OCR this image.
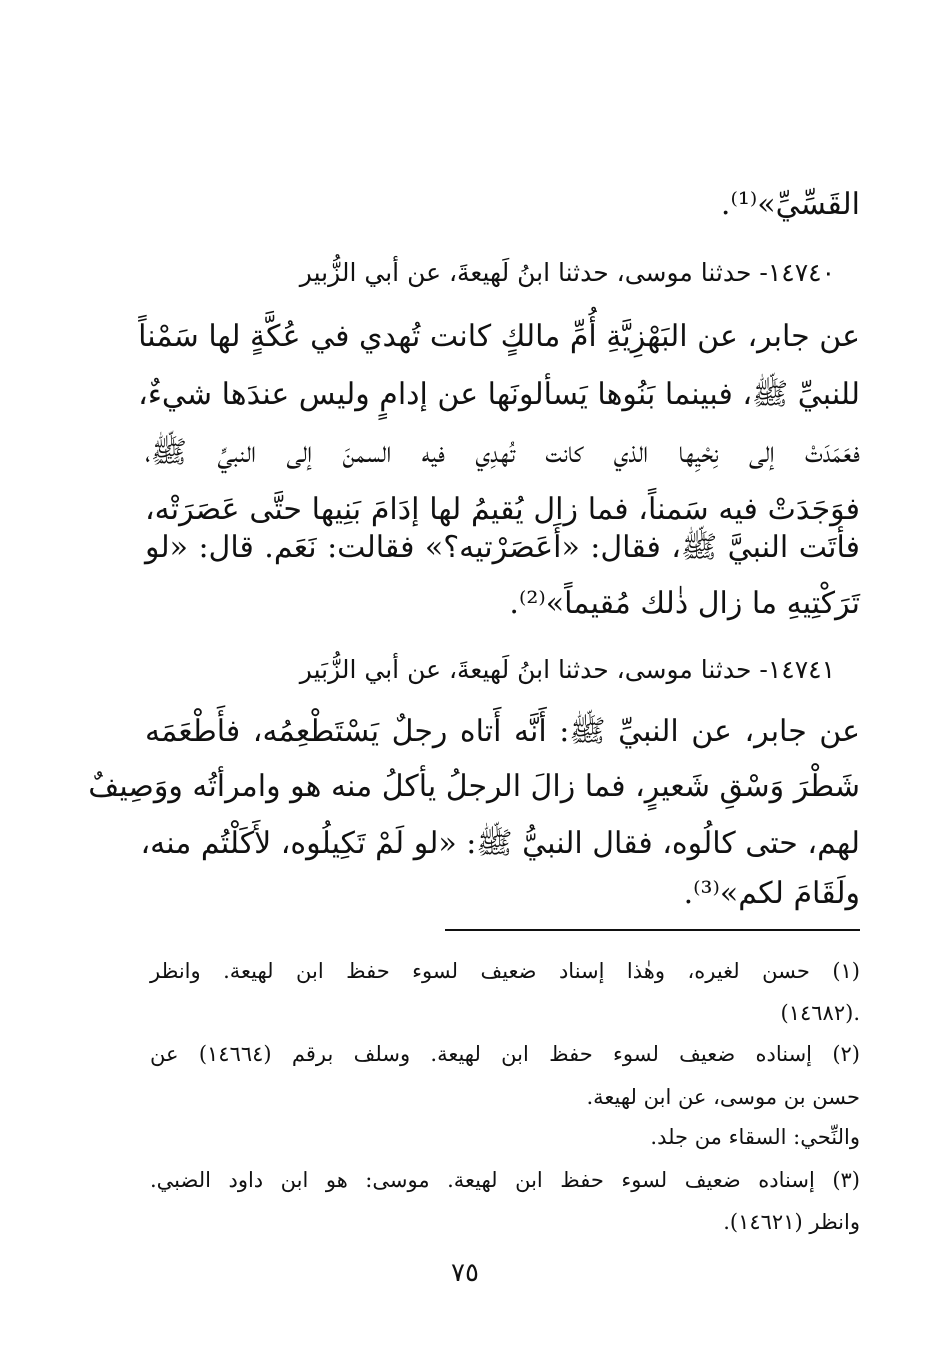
القَسِّيِّ»⁽¹⁾.

١٤٧٤٠- حدثنا موسى، حدثنا ابنُ لَهيعةَ، عن أبي الزُّبير

عن جابر، عن البَهْزِيَّةِ أُمِّ مالكٍ كانت تُهدي في عُكَّةٍ لها سَمْناً

للنبيِّ ﷺ، فبينما بَنُوها يَسألونَها عن إدامٍ وليس عندَها شيءٌ،

فعَمَدَتْ إلى نِحْيِها الذي كانت تُهدِي فيه السمنَ إلى النبيِّ ﷺ،

فوَجَدَتْ فيه سَمناً، فما زال يُقيمُ لها إدَامَ بَنِيها حتَّى عَصَرَتْه،

فأتَت النبيَّ ﷺ، فقال: «أَعَصَرْتيه؟» فقالت: نَعَم. قال: «لو

تَرَكْتِيهِ ما زال ذٰلك مُقيماً»⁽²⁾.

١٤٧٤١- حدثنا موسى، حدثنا ابنُ لَهيعةَ، عن أبي الزُّبَير

عن جابر، عن النبيِّ ﷺ: أَنَّه أَتاه رجلٌ يَسْتَطْعِمُه، فأَطْعَمَه

شَطْرَ وَسْقِ شَعيرٍ، فما زالَ الرجلُ يأكلُ منه هو وامرأتُه ووَصِيفٌ

لهم، حتى كالُوه، فقال النبيُّ ﷺ: «لو لَمْ تَكِيلُوه، لأَكَلْتُم منه،

ولَقَامَ لكم»⁽³⁾.

(١) حسن لغيره، وهٰذا إسناد ضعيف لسوء حفظ ابن لهيعة. وانظر

(١٤٦٨٢).

(٢) إسناده ضعيف لسوء حفظ ابن لهيعة. وسلف برقم (١٤٦٦٤) عن

حسن بن موسى، عن ابن لهيعة.

والنِّحي: السقاء من جلد.

(٣) إسناده ضعيف لسوء حفظ ابن لهيعة. موسى: هو ابن داود الضبي.

وانظر (١٤٦٢١).

٧٥
